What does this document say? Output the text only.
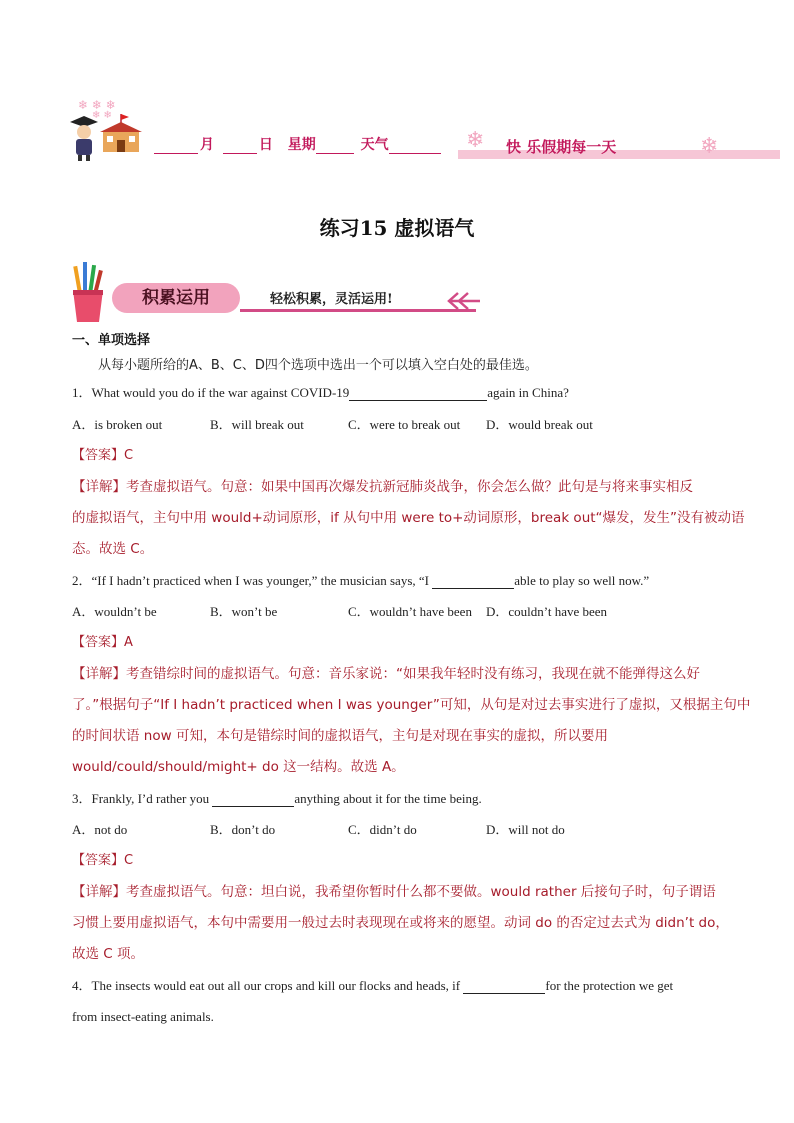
❄ ❄ ❄
❄ ❄
月	日 星期	天气	❄ 快 乐假期每一天	❄
练习15 虚拟语气
积累运用	轻松积累，灵活运用!
一、单项选择
从每小题所给的A、B、C、D四个选项中选出一个可以填入空白处的最佳选。
1．What would you do if the war against COVID-19	again in China?
A．is broken out	B．will break out	C．were to break out D．would break out
【答案】C
【详解】考查虚拟语气。句意：如果中国再次爆发抗新冠肺炎战争，你会怎么做？此句是与将来事实相反
的虚拟语气，主句中用 would+动词原形，if 从句中用 were to+动词原形，break out“爆发，发生”没有被动语
态。故选 C。
2．“If I hadn’t practiced when I was younger,” the musician says, “I	able to play so well now.”
A．wouldn’t be	B．won’t be	C．wouldn’t have been D．couldn’t have been
【答案】A
【详解】考查错综时间的虚拟语气。句意：音乐家说：“如果我年轻时没有练习，我现在就不能弹得这么好
了。”根据句子“If I hadn’t practiced when I was younger”可知，从句是对过去事实进行了虚拟，又根据主句中
的时间状语 now 可知，本句是错综时间的虚拟语气，主句是对现在事实的虚拟，所以要用
would/could/should/might+ do 这一结构。故选 A。
3．Frankly, I’d rather you	anything about it for the time being.
A．not do	B．don’t do	C．didn’t do	D．will not do
【答案】C
【详解】考查虚拟语气。句意：坦白说，我希望你暂时什么都不要做。would rather 后接句子时，句子谓语
习惯上要用虚拟语气，本句中需要用一般过去时表现现在或将来的愿望。动词 do 的否定过去式为 didn’t do，
故选 C 项。
4．The insects would eat out all our crops and kill our flocks and heads, if	for the protection we get
from insect-eating animals.
